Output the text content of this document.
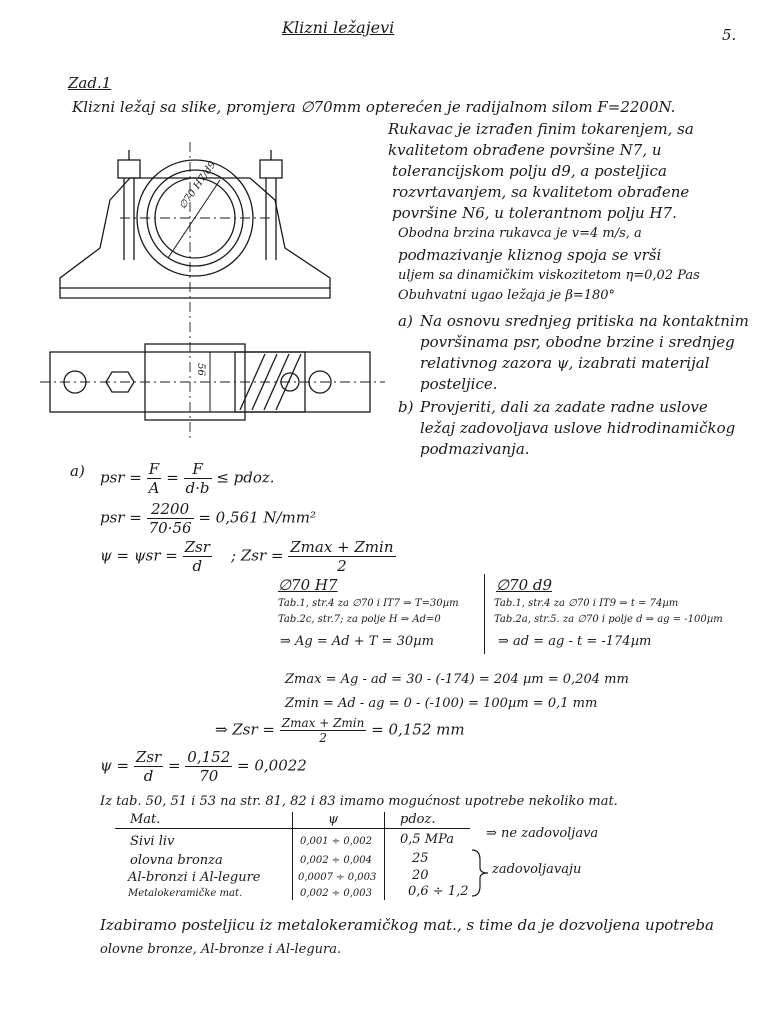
Klizni ležajevi	5.
Zad.1
Klizni ležaj sa slike, promjera ∅70mm opterećen je radijalnom silom F=2200N.
Rukavac je izrađen finim tokarenjem, sa
kvalitetom obrađene površine N7, u
tolerancijskom polju d9, a posteljica
rozvrtavanjem, sa kvalitetom obrađene
površine N6, u tolerantnom polju H7.
Obodna brzina rukavca je v=4 m/s, a
podmazivanje kliznog spoja se vrši
uljem sa dinamičkim viskozitetom η=0,02 Pas
Obuhvatni ugao ležaja je β=180°
a) Na osnovu srednjeg pritiska na kontaktnim
površinama psr, obodne brzine i srednjeg
relativnog zazora ψ, izabrati materijal
posteljice.
b) Provjeriti, dali za zadate radne uslove
ležaj zadovoljava uslove hidrodinamičkog
podmazivanja.
∅70 H7/d9
56
a) psr = $\frac{F}{A} = \frac{F}{d\cdot b}$ ≤ pdoz.
psr = $\frac{2200}{70\cdot 56} = 0,561$ N/mm²
$\psi = \psi sr = \frac{\text{Zsr}}{d}$ ; Zsr = $\frac{Zmax + Zmin}{2}$
∅70 H7
Tab.1, str.4 za ∅70 i IT7 ⇒ T=30µm
Tab.2c, str.7; za polje H ⇒ Ad=0
⇒ Ag = Ad + T = 30µm
∅70 d9
Tab.1, str.4 za ∅70 i IT9 ⇒ t = 74µm
Tab.2a, str.5. za ∅70 i polje d ⇒ ag = -100µm
⇒ ad = ag - t = -174µm
Zmax = Ag - ad = 30 - (-174) = 204 µm = 0,204 mm
Zmin = Ad - ag = 0 - (-100) = 100µm = 0,1 mm
⇒ Zsr = $\frac{Zmax + Zmin}{2} = 0,152$ mm
$\psi = \frac{\text{Zsr}}{d} = \frac{0,152}{70} = 0,0022$
Iz tab. 50, 51 i 53 na str. 81, 82 i 83 imamo mogućnost upotrebe nekoliko mat.
Mat.	ψ	pdoz.
Sivi liv	0,001 ÷ 0,002 0,5 MPa
olovna bronza	0,002 ÷ 0,004	25
Al-bronzi i Al-legure	0,0007 ÷ 0,003	20
Metalokeramičke mat.	0,002 ÷ 0,003	0,6 ÷ 1,2
⇒ ne zadovoljava
zadovoljavaju
Izabiramo posteljicu iz metalokeramičkog mat., s time da je dozvoljena upotreba
olovne bronze, Al-bronze i Al-legura.
